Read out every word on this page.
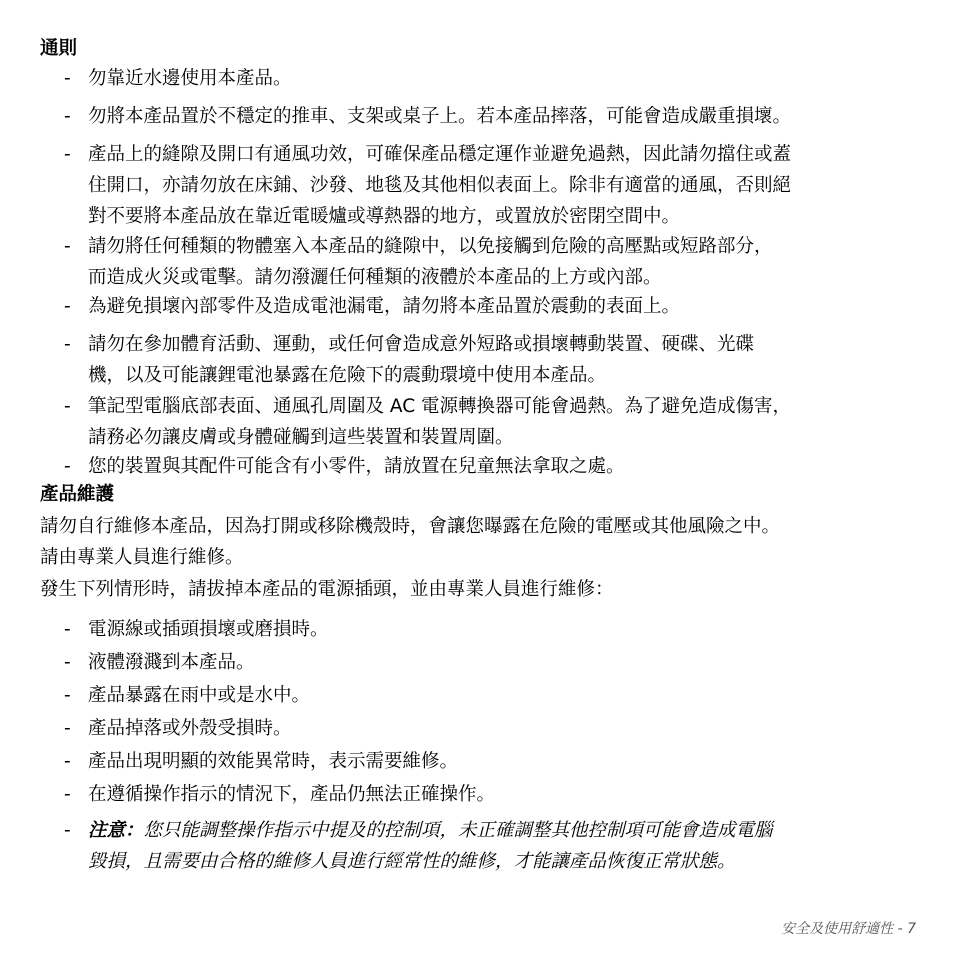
通則
- 勿靠近水邊使用本產品。
- 勿將本產品置於不穩定的推車、支架或桌子上。若本產品摔落，可能會造成嚴重損壞。
- 產品上的縫隙及開口有通風功效，可確保產品穩定運作並避免過熱，因此請勿擋住或蓋
住開口，亦請勿放在床鋪、沙發、地毯及其他相似表面上。除非有適當的通風，否則絕
對不要將本產品放在靠近電暖爐或導熱器的地方，或置放於密閉空間中。
- 請勿將任何種類的物體塞入本產品的縫隙中，以免接觸到危險的高壓點或短路部分，
而造成火災或電擊。請勿潑灑任何種類的液體於本產品的上方或內部。
- 為避免損壞內部零件及造成電池漏電，請勿將本產品置於震動的表面上。
- 請勿在參加體育活動、運動，或任何會造成意外短路或損壞轉動裝置、硬碟、光碟
機，以及可能讓鋰電池暴露在危險下的震動環境中使用本產品。
- 筆記型電腦底部表面、通風孔周圍及 AC 電源轉換器可能會過熱。為了避免造成傷害，
請務必勿讓皮膚或身體碰觸到這些裝置和裝置周圍。
- 您的裝置與其配件可能含有小零件，請放置在兒童無法拿取之處。
產品維護
請勿自行維修本產品，因為打開或移除機殼時，會讓您曝露在危險的電壓或其他風險之中。
請由專業人員進行維修。
發生下列情形時，請拔掉本產品的電源插頭，並由專業人員進行維修：
- 電源線或插頭損壞或磨損時。
- 液體潑濺到本產品。
- 產品暴露在雨中或是水中。
- 產品掉落或外殼受損時。
- 產品出現明顯的效能異常時，表示需要維修。
- 在遵循操作指示的情況下，產品仍無法正確操作。
- 注意：您只能調整操作指示中提及的控制項，未正確調整其他控制項可能會造成電腦
毀損，且需要由合格的維修人員進行經常性的維修，才能讓產品恢復正常狀態。
安全及使用舒適性 - 7
